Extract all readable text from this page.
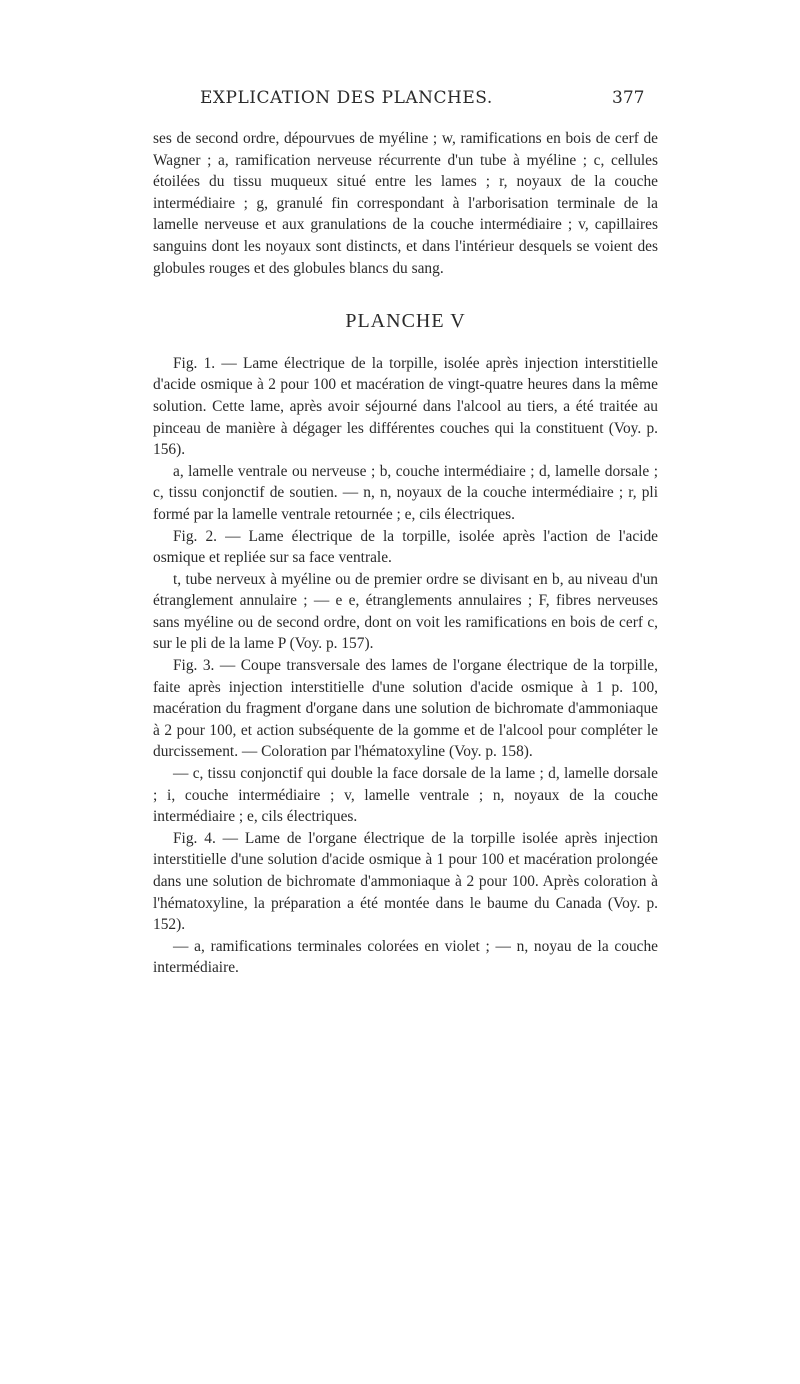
EXPLICATION DES PLANCHES.	377

ses de second ordre, dépourvues de myéline ; w, ramifications en bois de cerf de Wagner ; a, ramification nerveuse récurrente d'un tube à myéline ; c, cellules étoilées du tissu muqueux situé entre les lames ; r, noyaux de la couche intermédiaire ; g, granulé fin correspondant à l'arborisation terminale de la lamelle nerveuse et aux granulations de la couche intermédiaire ; v, capillaires sanguins dont les noyaux sont distincts, et dans l'intérieur desquels se voient des globules rouges et des globules blancs du sang.

PLANCHE V

Fig. 1. — Lame électrique de la torpille, isolée après injection interstitielle d'acide osmique à 2 pour 100 et macération de vingt-quatre heures dans la même solution. Cette lame, après avoir séjourné dans l'alcool au tiers, a été traitée au pinceau de manière à dégager les différentes couches qui la constituent (Voy. p. 156).

a, lamelle ventrale ou nerveuse ; b, couche intermédiaire ; d, lamelle dorsale ; c, tissu conjonctif de soutien. — n, n, noyaux de la couche intermédiaire ; r, pli formé par la lamelle ventrale retournée ; e, cils électriques.

Fig. 2. — Lame électrique de la torpille, isolée après l'action de l'acide osmique et repliée sur sa face ventrale.

t, tube nerveux à myéline ou de premier ordre se divisant en b, au niveau d'un étranglement annulaire ; — e e, étranglements annulaires ; F, fibres nerveuses sans myéline ou de second ordre, dont on voit les ramifications en bois de cerf c, sur le pli de la lame P (Voy. p. 157).

Fig. 3. — Coupe transversale des lames de l'organe électrique de la torpille, faite après injection interstitielle d'une solution d'acide osmique à 1 p. 100, macération du fragment d'organe dans une solution de bichromate d'ammoniaque à 2 pour 100, et action subséquente de la gomme et de l'alcool pour compléter le durcissement. — Coloration par l'hématoxyline (Voy. p. 158).

— c, tissu conjonctif qui double la face dorsale de la lame ; d, lamelle dorsale ; i, couche intermédiaire ; v, lamelle ventrale ; n, noyaux de la couche intermédiaire ; e, cils électriques.

Fig. 4. — Lame de l'organe électrique de la torpille isolée après injection interstitielle d'une solution d'acide osmique à 1 pour 100 et macération prolongée dans une solution de bichromate d'ammoniaque à 2 pour 100. Après coloration à l'hématoxyline, la préparation a été montée dans le baume du Canada (Voy. p. 152).

— a, ramifications terminales colorées en violet ; — n, noyau de la couche intermédiaire.
